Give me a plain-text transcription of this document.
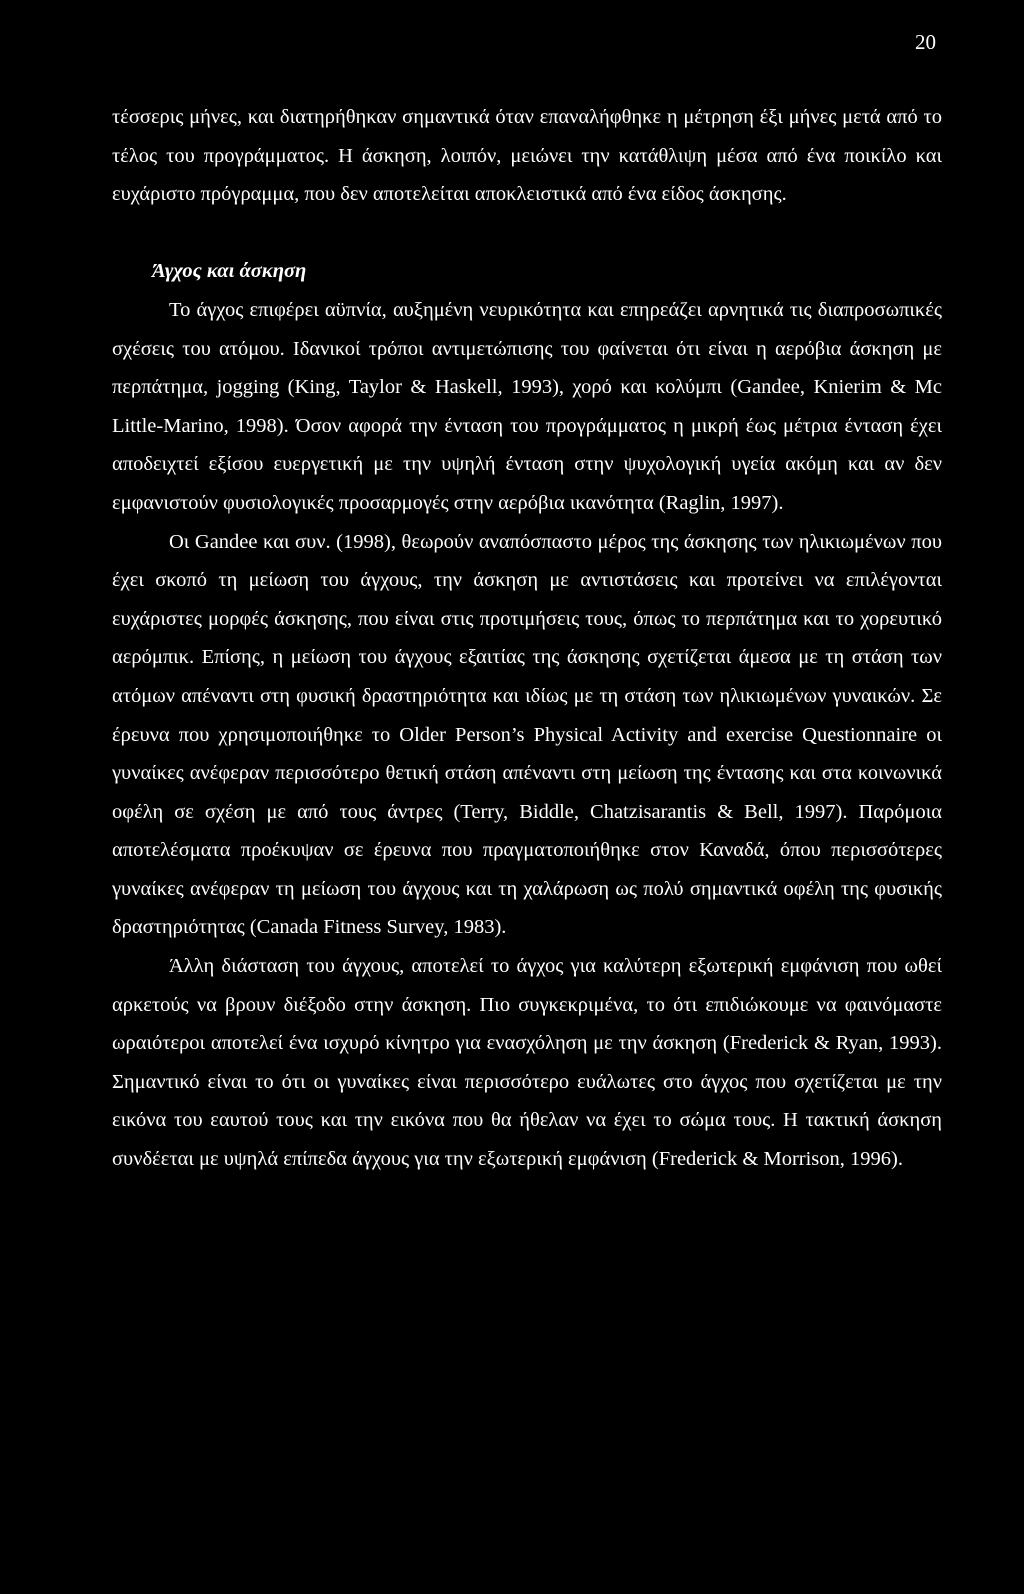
20

τέσσερις μήνες, και διατηρήθηκαν σημαντικά όταν επαναλήφθηκε η μέτρηση έξι μήνες μετά από το τέλος του προγράμματος. Η άσκηση, λοιπόν, μειώνει την κατάθλιψη μέσα από ένα ποικίλο και ευχάριστο πρόγραμμα, που δεν αποτελείται αποκλειστικά από ένα είδος άσκησης.

Άγχος και άσκηση

Το άγχος επιφέρει αϋπνία, αυξημένη νευρικότητα και επηρεάζει αρνητικά τις διαπροσωπικές σχέσεις του ατόμου. Ιδανικοί τρόποι αντιμετώπισης του φαίνεται ότι είναι η αερόβια άσκηση με περπάτημα, jogging (King, Taylor & Haskell, 1993), χορό και κολύμπι (Gandee, Knierim & Mc Little-Marino, 1998). Όσον αφορά την ένταση του προγράμματος η μικρή έως μέτρια ένταση έχει αποδειχτεί εξίσου ευεργετική με την υψηλή ένταση στην ψυχολογική υγεία ακόμη και αν δεν εμφανιστούν φυσιολογικές προσαρμογές στην αερόβια ικανότητα (Raglin, 1997).

Οι Gandee και συν. (1998), θεωρούν αναπόσπαστο μέρος της άσκησης των ηλικιωμένων που έχει σκοπό τη μείωση του άγχους, την άσκηση με αντιστάσεις και προτείνει να επιλέγονται ευχάριστες μορφές άσκησης, που είναι στις προτιμήσεις τους, όπως το περπάτημα και το χορευτικό αερόμπικ. Επίσης, η μείωση του άγχους εξαιτίας της άσκησης σχετίζεται άμεσα με τη στάση των ατόμων απέναντι στη φυσική δραστηριότητα και ιδίως με τη στάση των ηλικιωμένων γυναικών. Σε έρευνα που χρησιμοποιήθηκε το Older Person’s Physical Activity and exercise Questionnaire οι γυναίκες ανέφεραν περισσότερο θετική στάση απέναντι στη μείωση της έντασης και στα κοινωνικά οφέλη σε σχέση με από τους άντρες (Terry, Biddle, Chatzisarantis & Bell, 1997). Παρόμοια αποτελέσματα προέκυψαν σε έρευνα που πραγματοποιήθηκε στον Καναδά, όπου περισσότερες γυναίκες ανέφεραν τη μείωση του άγχους και τη χαλάρωση ως πολύ σημαντικά οφέλη της φυσικής δραστηριότητας (Canada Fitness Survey, 1983).

Άλλη διάσταση του άγχους, αποτελεί το άγχος για καλύτερη εξωτερική εμφάνιση που ωθεί αρκετούς να βρουν διέξοδο στην άσκηση. Πιο συγκεκριμένα, το ότι επιδιώκουμε να φαινόμαστε ωραιότεροι αποτελεί ένα ισχυρό κίνητρο για ενασχόληση με την άσκηση (Frederick & Ryan, 1993). Σημαντικό είναι το ότι οι γυναίκες είναι περισσότερο ευάλωτες στο άγχος που σχετίζεται με την εικόνα του εαυτού τους και την εικόνα που θα ήθελαν να έχει το σώμα τους. Η τακτική άσκηση συνδέεται με υψηλά επίπεδα άγχους για την εξωτερική εμφάνιση (Frederick & Morrison, 1996).
